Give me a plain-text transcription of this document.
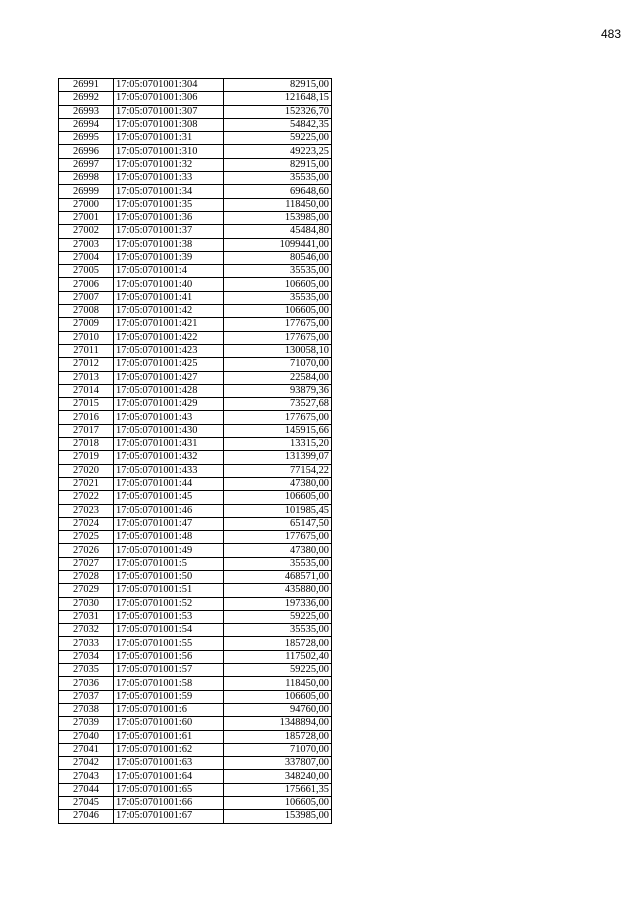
483
26991	17:05:0701001:304	82915,00
26992	17:05:0701001:306	121648,15
26993	17:05:0701001:307	152326,70
26994	17:05:0701001:308	54842,35
26995	17:05:0701001:31	59225,00
26996	17:05:0701001:310	49223,25
26997	17:05:0701001:32	82915,00
26998	17:05:0701001:33	35535,00
26999	17:05:0701001:34	69648,60
27000	17:05:0701001:35	118450,00
27001	17:05:0701001:36	153985,00
27002	17:05:0701001:37	45484,80
27003	17:05:0701001:38	1099441,00
27004	17:05:0701001:39	80546,00
27005	17:05:0701001:4	35535,00
27006	17:05:0701001:40	106605,00
27007	17:05:0701001:41	35535,00
27008	17:05:0701001:42	106605,00
27009	17:05:0701001:421	177675,00
27010	17:05:0701001:422	177675,00
27011	17:05:0701001:423	130058,10
27012	17:05:0701001:425	71070,00
27013	17:05:0701001:427	22584,00
27014	17:05:0701001:428	93879,36
27015	17:05:0701001:429	73527,68
27016	17:05:0701001:43	177675,00
27017	17:05:0701001:430	145915,66
27018	17:05:0701001:431	13315,20
27019	17:05:0701001:432	131399,07
27020	17:05:0701001:433	77154,22
27021	17:05:0701001:44	47380,00
27022	17:05:0701001:45	106605,00
27023	17:05:0701001:46	101985,45
27024	17:05:0701001:47	65147,50
27025	17:05:0701001:48	177675,00
27026	17:05:0701001:49	47380,00
27027	17:05:0701001:5	35535,00
27028	17:05:0701001:50	468571,00
27029	17:05:0701001:51	435880,00
27030	17:05:0701001:52	197336,00
27031	17:05:0701001:53	59225,00
27032	17:05:0701001:54	35535,00
27033	17:05:0701001:55	185728,00
27034	17:05:0701001:56	117502,40
27035	17:05:0701001:57	59225,00
27036	17:05:0701001:58	118450,00
27037	17:05:0701001:59	106605,00
27038	17:05:0701001:6	94760,00
27039	17:05:0701001:60	1348894,00
27040	17:05:0701001:61	185728,00
27041	17:05:0701001:62	71070,00
27042	17:05:0701001:63	337807,00
27043	17:05:0701001:64	348240,00
27044	17:05:0701001:65	175661,35
27045	17:05:0701001:66	106605,00
27046	17:05:0701001:67	153985,00
